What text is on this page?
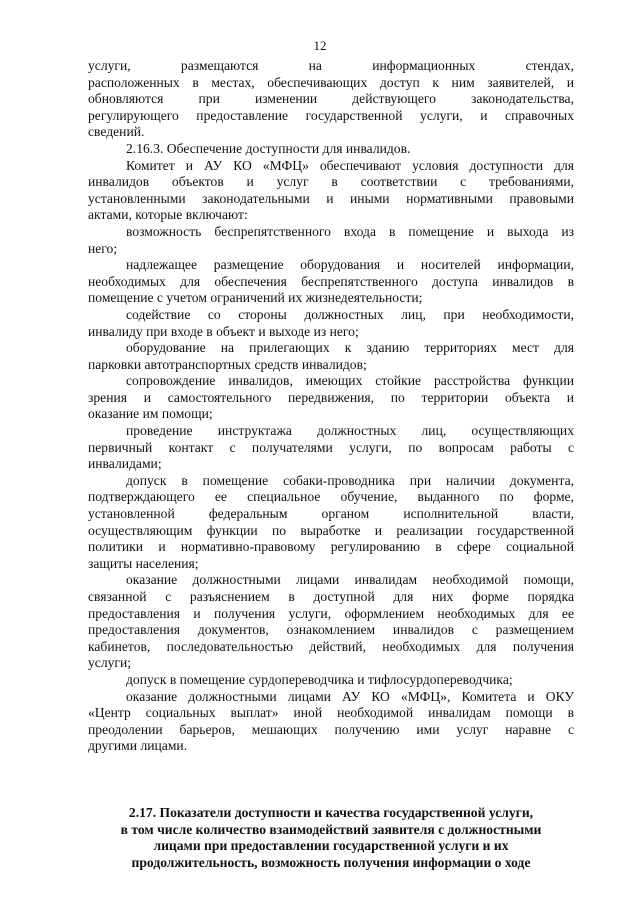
12
услуги, размещаются на информационных стендах,
расположенных в местах, обеспечивающих доступ к ним заявителей, и
обновляются при изменении действующего законодательства,
регулирующего предоставление государственной услуги, и справочных
сведений.
2.16.3. Обеспечение доступности для инвалидов.
Комитет и АУ КО «МФЦ» обеспечивают условия доступности для
инвалидов объектов и услуг в соответствии с требованиями,
установленными законодательными и иными нормативными правовыми
актами, которые включают:
возможность беспрепятственного входа в помещение и выхода из
него;
надлежащее размещение оборудования и носителей информации,
необходимых для обеспечения беспрепятственного доступа инвалидов в
помещение с учетом ограничений их жизнедеятельности;
содействие со стороны должностных лиц, при необходимости,
инвалиду при входе в объект и выходе из него;
оборудование на прилегающих к зданию территориях мест для
парковки автотранспортных средств инвалидов;
сопровождение инвалидов, имеющих стойкие расстройства функции
зрения и самостоятельного передвижения, по территории объекта и
оказание им помощи;
проведение инструктажа должностных лиц, осуществляющих
первичный контакт с получателями услуги, по вопросам работы с
инвалидами;
допуск в помещение собаки-проводника при наличии документа,
подтверждающего ее специальное обучение, выданного по форме,
установленной федеральным органом исполнительной власти,
осуществляющим функции по выработке и реализации государственной
политики и нормативно-правовому регулированию в сфере социальной
защиты населения;
оказание должностными лицами инвалидам необходимой помощи,
связанной с разъяснением в доступной для них форме порядка
предоставления и получения услуги, оформлением необходимых для ее
предоставления документов, ознакомлением инвалидов с размещением
кабинетов, последовательностью действий, необходимых для получения
услуги;
допуск в помещение сурдопереводчика и тифлосурдопереводчика;
оказание должностными лицами АУ КО «МФЦ», Комитета и ОКУ
«Центр социальных выплат» иной необходимой инвалидам помощи в
преодолении барьеров, мешающих получению ими услуг наравне с
другими лицами.
2.17. Показатели доступности и качества государственной услуги,
в том числе количество взаимодействий заявителя с должностными
лицами при предоставлении государственной услуги и их
продолжительность, возможность получения информации о ходе
